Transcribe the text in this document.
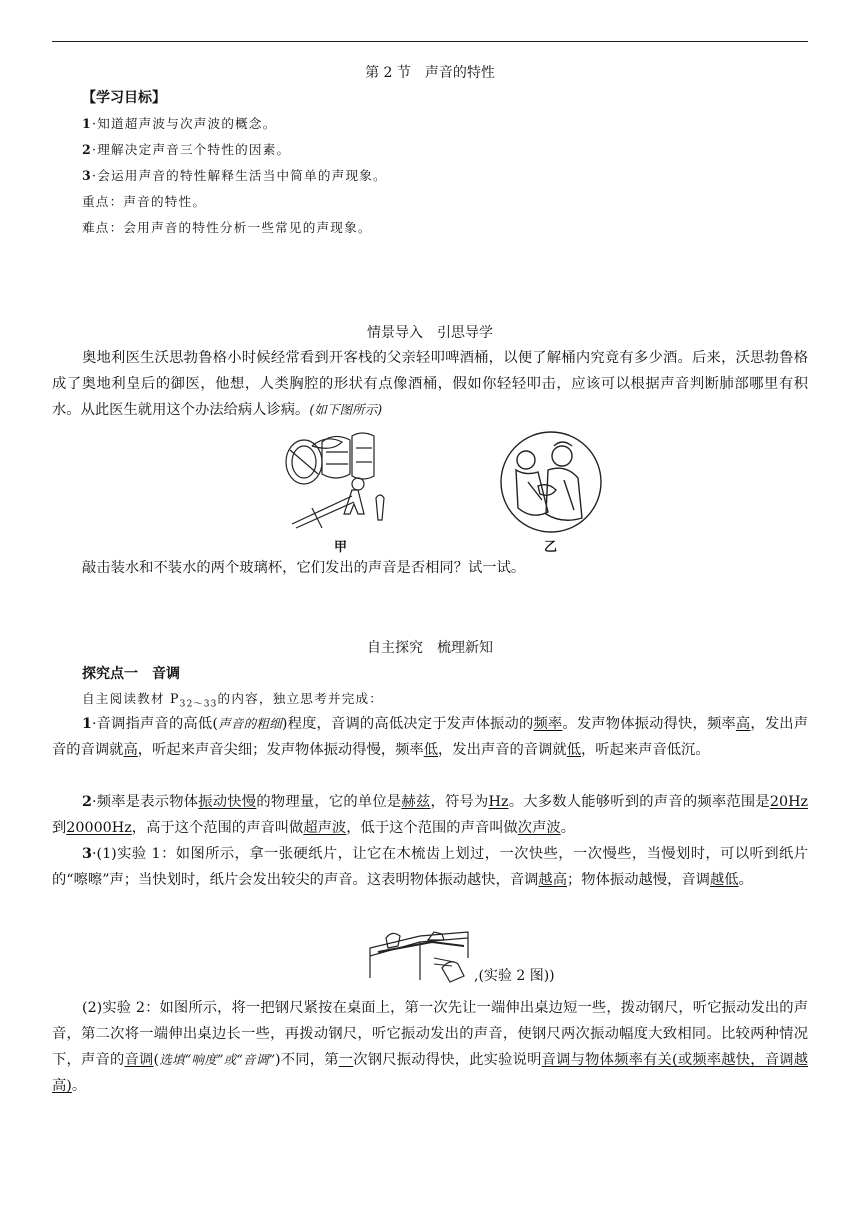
第 2 节　声音的特性
【学习目标】
1·知道超声波与次声波的概念。
2·理解决定声音三个特性的因素。
3·会运用声音的特性解释生活当中简单的声现象。
重点：声音的特性。
难点：会用声音的特性分析一些常见的声现象。
情景导入　引思导学
奥地利医生沃思勃鲁格小时候经常看到开客栈的父亲轻叩啤酒桶，以便了解桶内究竟有多少酒。后来，沃思勃鲁格成了奥地利皇后的御医，他想，人类胸腔的形状有点像酒桶，假如你轻轻叩击，应该可以根据声音判断肺部哪里有积水。从此医生就用这个办法给病人诊病。(如下图所示)
甲	乙
敲击装水和不装水的两个玻璃杯，它们发出的声音是否相同？试一试。
自主探究　梳理新知
探究点一　音调
自主阅读教材 $P_{32\sim 33}$的内容，独立思考并完成：
1·音调指声音的高低(声音的粗细)程度，音调的高低决定于发声体振动的频率。发声物体振动得快，频率高，发出声音的音调就高，听起来声音尖细；发声物体振动得慢，频率低，发出声音的音调就低，听起来声音低沉。
2·频率是表示物体振动快慢的物理量，它的单位是赫兹，符号为Hz。大多数人能够听到的声音的频率范围是20Hz到20000Hz，高于这个范围的声音叫做超声波，低于这个范围的声音叫做次声波。
3·(1)实验 1：如图所示，拿一张硬纸片，让它在木梳齿上划过，一次快些，一次慢些，当慢划时，可以听到纸片的“嚓嚓”声；当快划时，纸片会发出较尖的声音。这表明物体振动越快，音调越高；物体振动越慢，音调越低。
,(实验 2 图))
(2)实验 2：如图所示，将一把钢尺紧按在桌面上，第一次先让一端伸出桌边短一些，拨动钢尺，听它振动发出的声音，第二次将一端伸出桌边长一些，再拨动钢尺，听它振动发出的声音，使钢尺两次振动幅度大致相同。比较两种情况下，声音的音调(选填“响度”或“音调”)不同，第一次钢尺振动得快，此实验说明音调与物体频率有关(或频率越快，音调越高)。
